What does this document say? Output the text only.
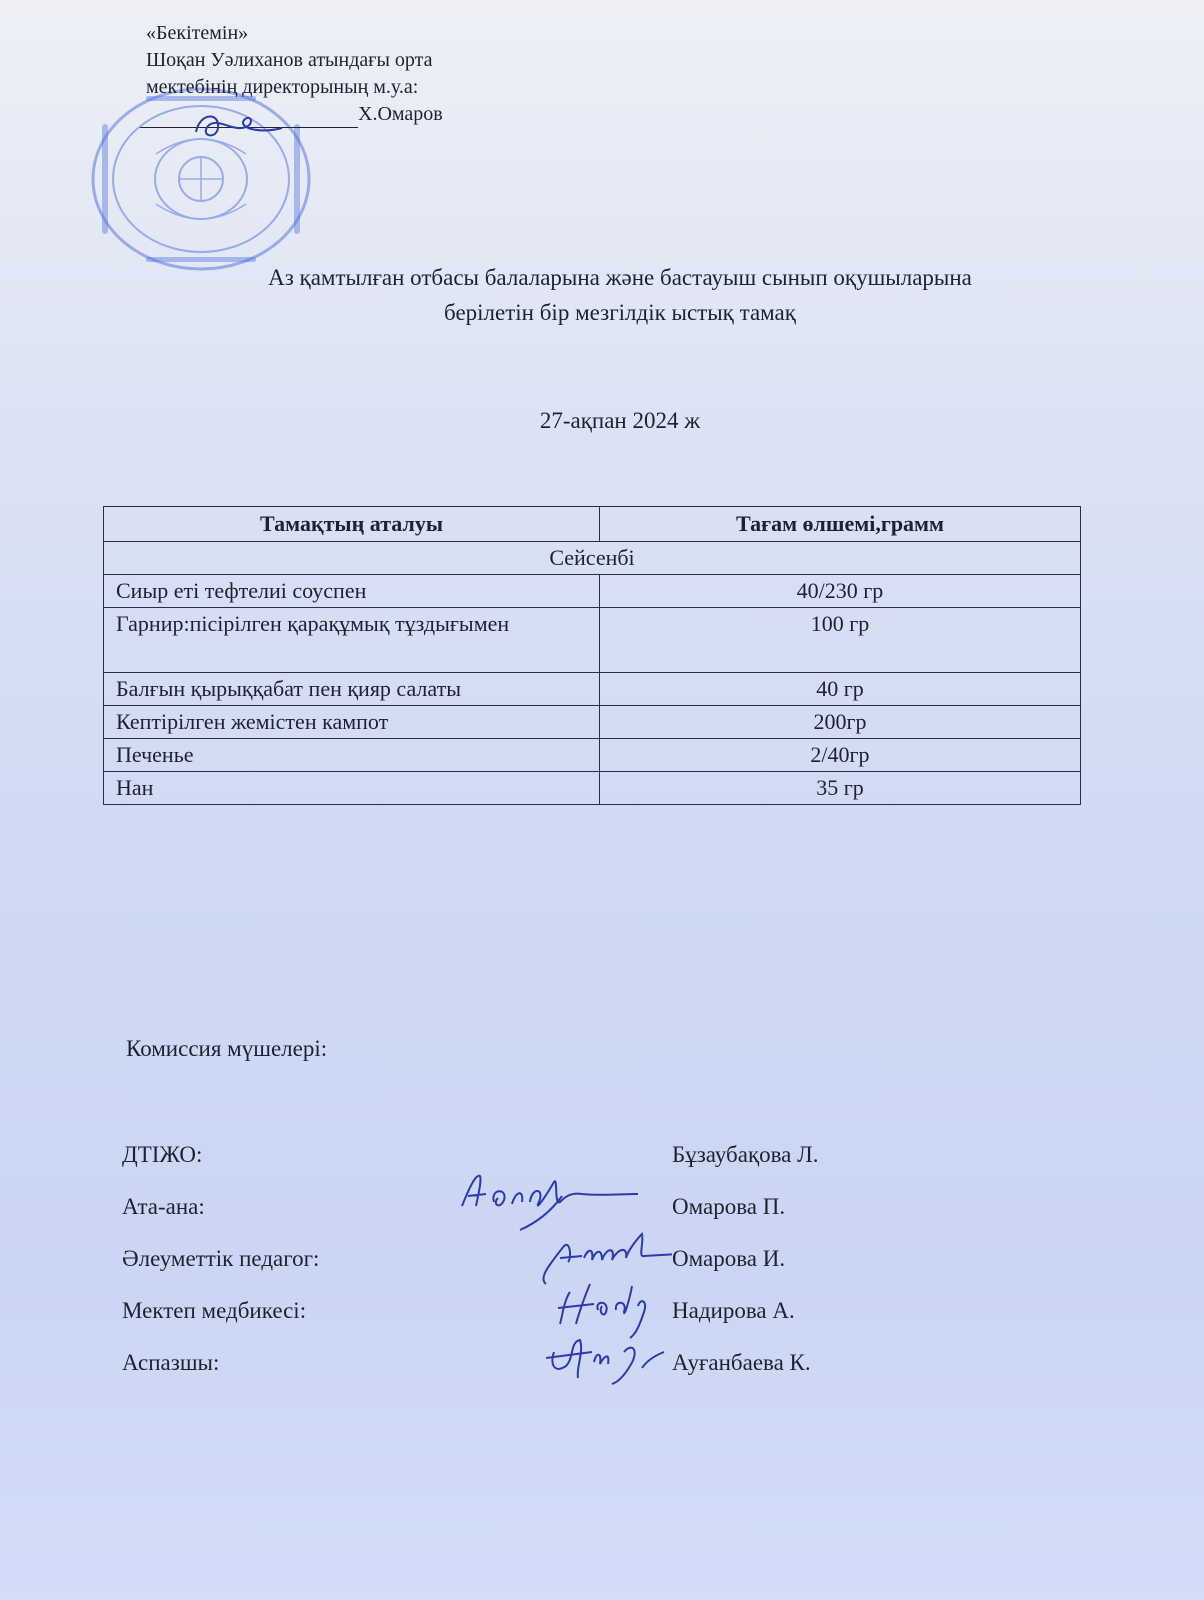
«Бекітемін»
Шоқан Уәлиханов атындағы орта
мектебінің директорының м.у.а:
Х.Омаров
Аз қамтылған отбасы балаларына және бастауыш сынып оқушыларына
берілетін бір мезгілдік ыстық тамақ
27-ақпан 2024 ж
Тамақтың аталуы	Тағам өлшемі,грамм
Сейсенбі	
Сиыр еті тефтелиі соуспен	40/230 гр
Гарнир:пісірілген қарақұмық тұздығымен	100 гр
Балғын қырыққабат пен қияр салаты	40 гр
Кептірілген жемістен кампот	200гр
Печенье	2/40гр
Нан	35 гр
Комиссия мүшелері:
ДТІЖО:	Бұзаубақова Л.
Ата-ана:	Омарова П.
Әлеуметтік педагог:	Омарова И.
Мектеп медбикесі:	Надирова А.
Аспазшы:	Ауғанбаева К.
